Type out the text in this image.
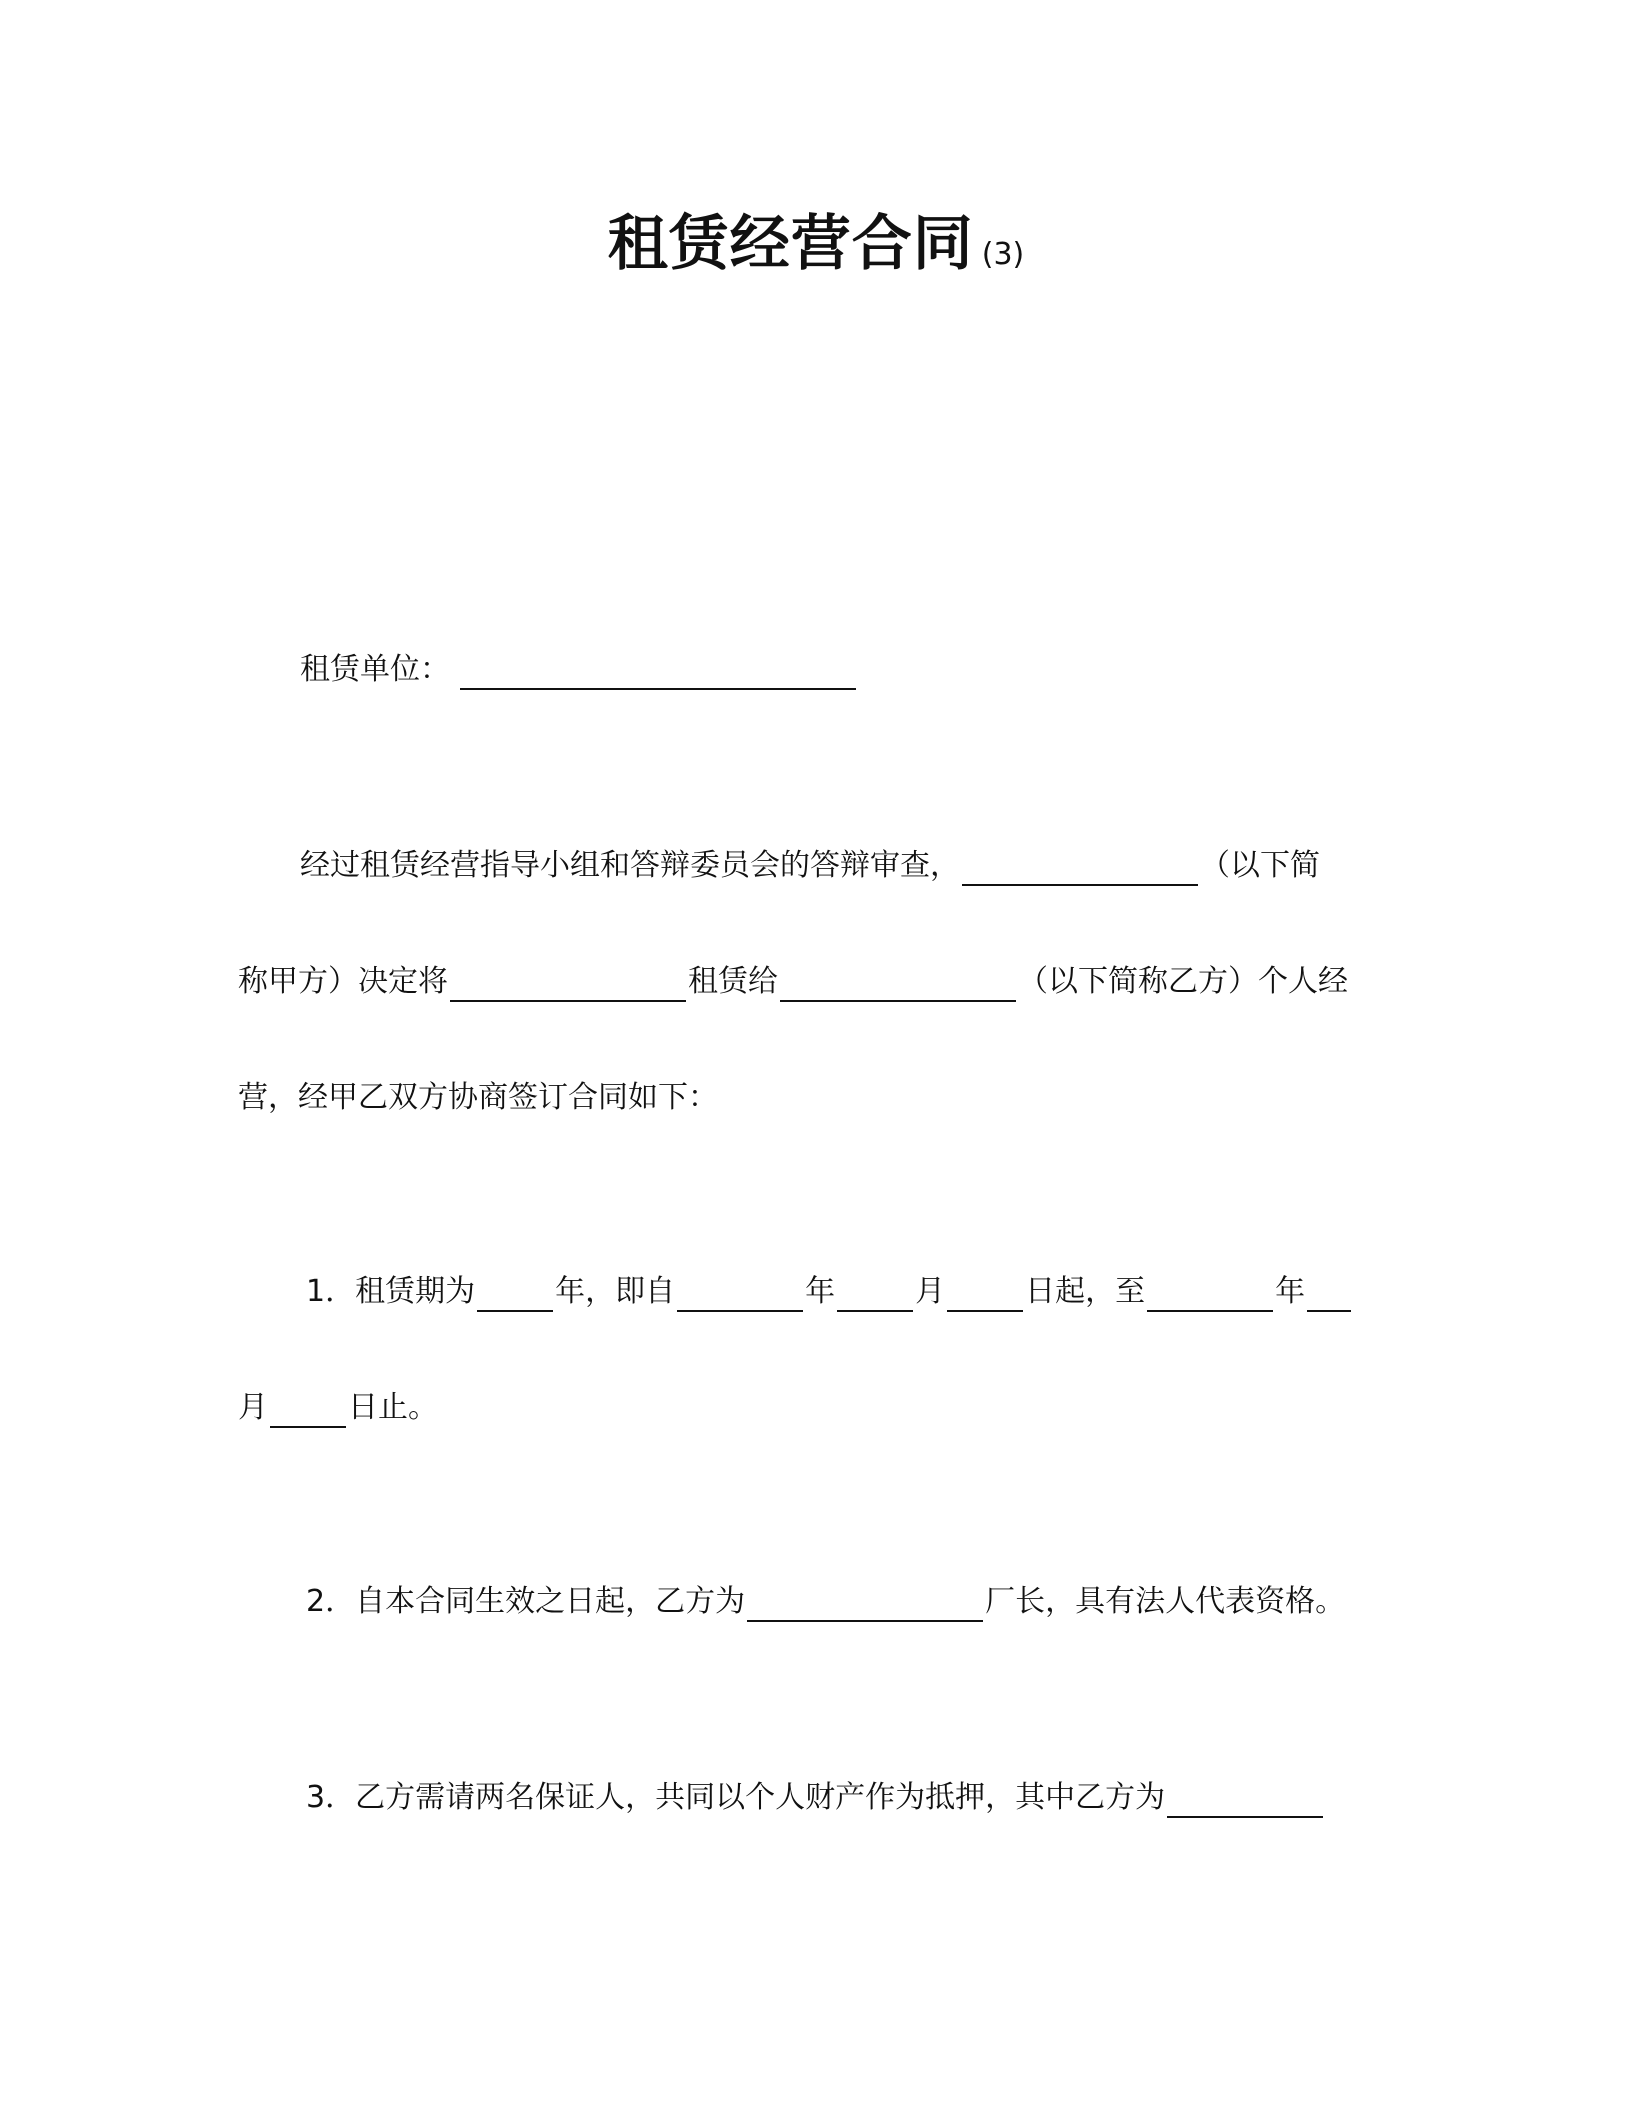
租赁经营合同 (3)
租赁单位：
经过租赁经营指导小组和答辩委员会的答辩审查，	（以下简
称甲方）决定将	租赁给	（以下简称乙方）个人经
营，经甲乙双方协商签订合同如下：
1．租赁期为	年，即自	年	月	日起，至	年
月	日止。
2．自本合同生效之日起，乙方为	厂长，具有法人代表资格。
3．乙方需请两名保证人，共同以个人财产作为抵押，其中乙方为
